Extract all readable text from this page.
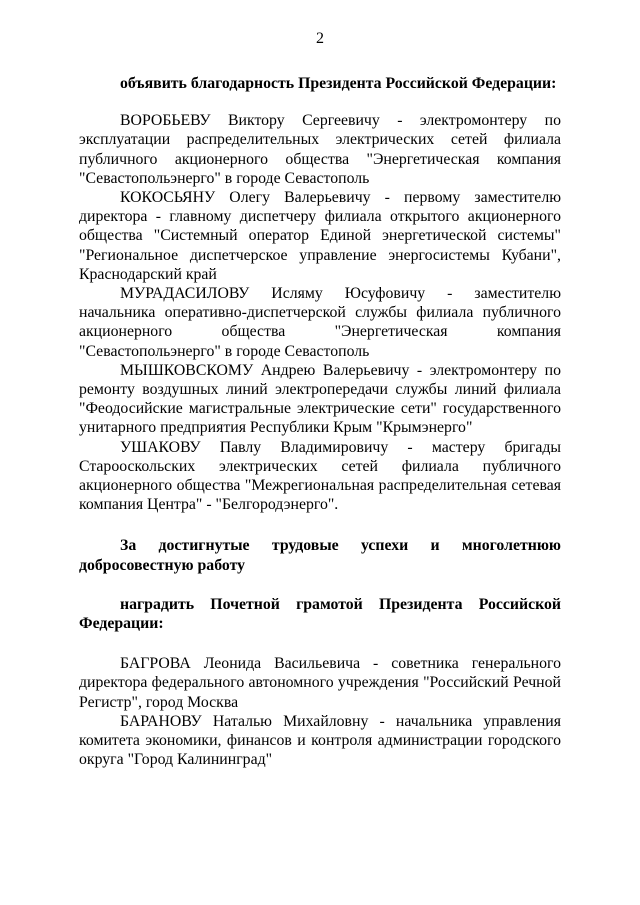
2

объявить благодарность Президента Российской Федерации:

ВОРОБЬЕВУ Виктору Сергеевичу - электромонтеру по эксплуатации распределительных электрических сетей филиала публичного акционерного общества "Энергетическая компания "Севастопольэнерго" в городе Севастополь

КОКОСЬЯНУ Олегу Валерьевичу - первому заместителю директора - главному диспетчеру филиала открытого акционерного общества "Системный оператор Единой энергетической системы" "Региональное диспетчерское управление энергосистемы Кубани", Краснодарский край

МУРАДАСИЛОВУ Исляму Юсуфовичу - заместителю начальника оперативно-диспетчерской службы филиала публичного акционерного общества "Энергетическая компания "Севастопольэнерго" в городе Севастополь

МЫШКОВСКОМУ Андрею Валерьевичу - электромонтеру по ремонту воздушных линий электропередачи службы линий филиала "Феодосийские магистральные электрические сети" государственного унитарного предприятия Республики Крым "Крымэнерго"

УШАКОВУ Павлу Владимировичу - мастеру бригады Старооскольских электрических сетей филиала публичного акционерного общества "Межрегиональная распределительная сетевая компания Центра" - "Белгородэнерго".

За достигнутые трудовые успехи и многолетнюю добросовестную работу

наградить Почетной грамотой Президента Российской Федерации:

БАГРОВА Леонида Васильевича - советника генерального директора федерального автономного учреждения "Российский Речной Регистр", город Москва

БАРАНОВУ Наталью Михайловну - начальника управления комитета экономики, финансов и контроля администрации городского округа "Город Калининград"
